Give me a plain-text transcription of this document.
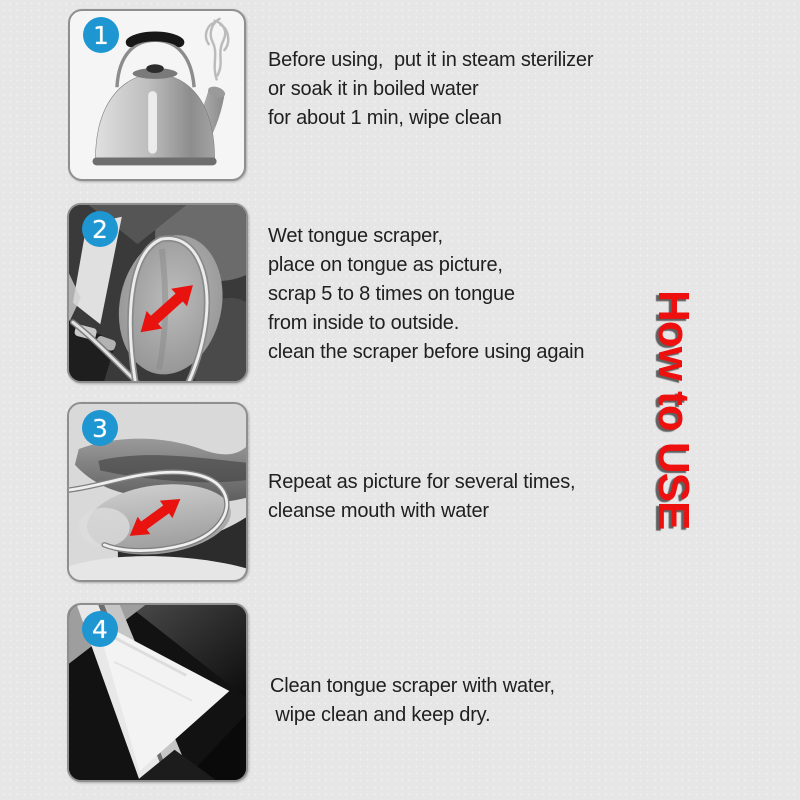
1
Before using,  put it in steam sterilizer
or soak it in boiled water
for about 1 min, wipe clean
2	Wet tongue scraper,
place on tongue as picture,
scrap 5 to 8 times on tongue
from inside to outside.
clean the scraper before using again
3
Repeat as picture for several times,
cleanse mouth with water
4
Clean tongue scraper with water,
wipe clean and keep dry.
How to USE
